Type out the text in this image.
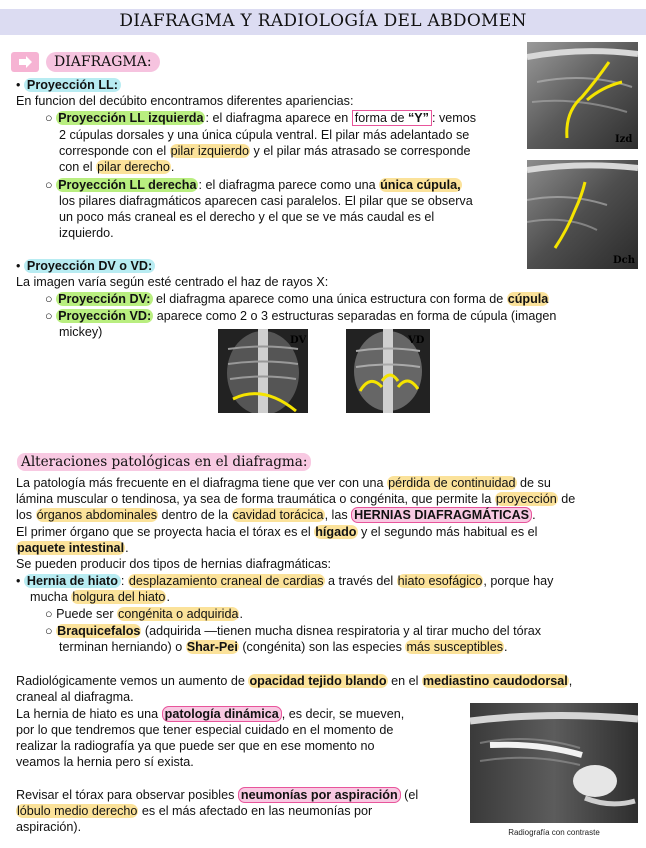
DIAFRAGMA Y RADIOLOGÍA DEL ABDOMEN
DIAFRAGMA:
• Proyección LL:
En funcion del decúbito encontramos diferentes apariencias:
○ Proyección LL izquierda : el diafragma aparece en forma de “Y” : vemos
2 cúpulas dorsales y una única cúpula ventral. El pilar más adelantado se
corresponde con el pilar izquierdo y el pilar más atrasado se corresponde
con el pilar derecho.
○ Proyección LL derecha : el diafragma parece como una única cúpula,
los pilares diafragmáticos aparecen casi paralelos. El pilar que se observa
un poco más craneal es el derecho y el que se ve más caudal es el
izquierdo.
Izd
Dch
• Proyección DV o VD:
La imagen varía según esté centrado el haz de rayos X:
○ Proyección DV: el diafragma aparece como una única estructura con forma de cúpula
○ Proyección VD: aparece como 2 o 3 estructuras separadas en forma de cúpula (imagen
mickey)
DV	VD
Alteraciones patológicas en el diafragma:
La patología más frecuente en el diafragma tiene que ver con una pérdida de continuidad de su
lámina muscular o tendinosa, ya sea de forma traumática o congénita, que permite la proyección de
los órganos abdominales dentro de la cavidad torácica, las HERNIAS DIAFRAGMÁTICAS .
El primer órgano que se proyecta hacia el tórax es el hígado y el segundo más habitual es el
paquete intestinal.
Se pueden producir dos tipos de hernias diafragmáticas:
• Hernia de hiato : desplazamiento craneal de cardias a través del hiato esofágico, porque hay
mucha holgura del hiato.
○ Puede ser congénita o adquirida.
○ Braquicefalos (adquirida —tienen mucha disnea respiratoria y al tirar mucho del tórax
terminan herniando) o Shar-Pei (congénita) son las especies más susceptibles.
Radiológicamente vemos un aumento de opacidad tejido blando en el mediastino caudodorsal,
craneal al diafragma.
La hernia de hiato es una patología dinámica , es decir, se mueven,
por lo que tendremos que tener especial cuidado en el momento de
realizar la radiografía ya que puede ser que en ese momento no
veamos la hernia pero sí exista.
Revisar el tórax para observar posibles neumonías por aspiración (el
lóbulo medio derecho es el más afectado en las neumonías por
aspiración).	Radiografía con contraste
